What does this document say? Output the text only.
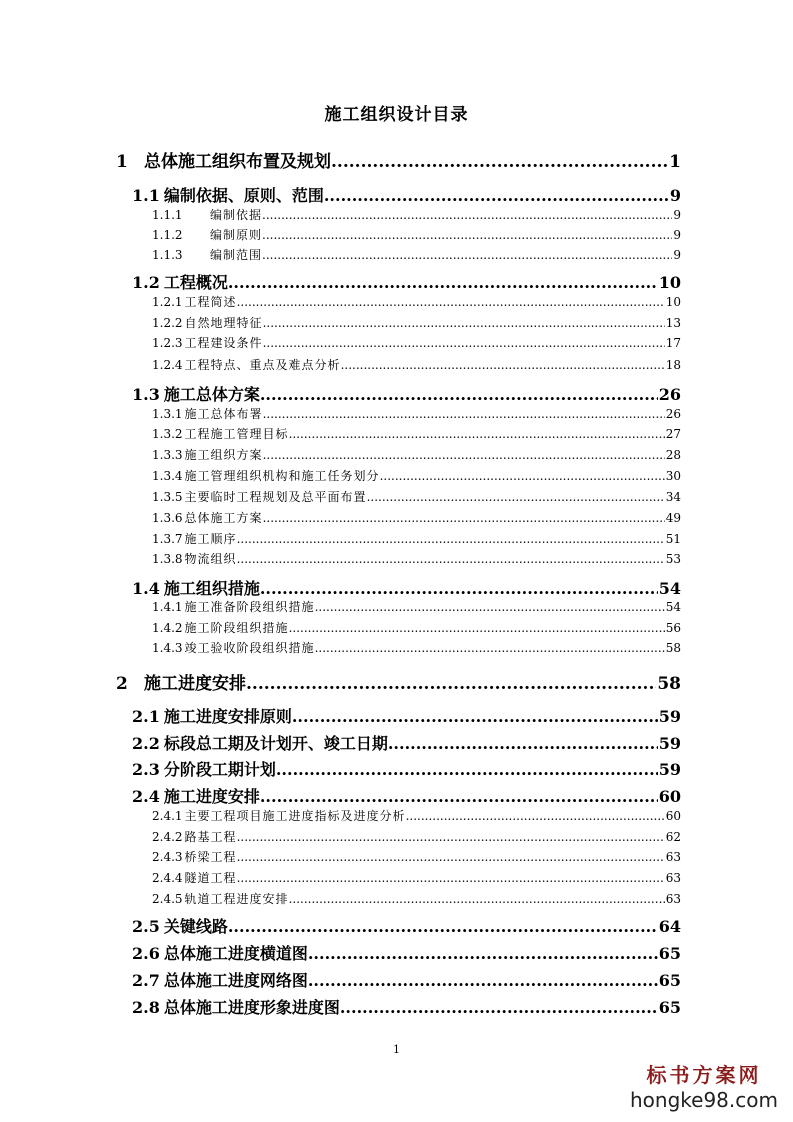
施工组织设计目录
1 总体施工组织布置及规划 .....	1
1.1 编制依据、原则、范围 .....	9
1.1.1	编制依据 .....	9
1.1.2	编制原则 .....	9
1.1.3	编制范围 .....	9
1.2 工程概况 .....	10
1.2.1 工程简述 .....	10
1.2.2 自然地理特征 .....	13
1.2.3 工程建设条件 .....	17
1.2.4 工程特点、重点及难点分析 .....	18
1.3 施工总体方案 .....	26
1.3.1 施工总体布署 .....	26
1.3.2 工程施工管理目标 .....	27
1.3.3 施工组织方案 .....	28
1.3.4 施工管理组织机构和施工任务划分 .....	30
1.3.5 主要临时工程规划及总平面布置 .....	34
1.3.6 总体施工方案 .....	49
1.3.7 施工顺序 .....	51
1.3.8 物流组织 .....	53
1.4 施工组织措施 .....	54
1.4.1 施工准备阶段组织措施 .....	54
1.4.2 施工阶段组织措施 .....	56
1.4.3 竣工验收阶段组织措施 .....	58
2 施工进度安排 .....	58
2.1 施工进度安排原则 .....	59
2.2 标段总工期及计划开、竣工日期 .....	59
2.3 分阶段工期计划 .....	59
2.4 施工进度安排 .....	60
2.4.1 主要工程项目施工进度指标及进度分析 .....	60
2.4.2 路基工程 .....	62
2.4.3 桥梁工程 .....	63
2.4.4 隧道工程 .....	63
2.4.5 轨道工程进度安排 .....	63
2.5 关键线路 .....	64
2.6 总体施工进度横道图 .....	65
2.7 总体施工进度网络图 .....	65
2.8 总体施工进度形象进度图 .....	65
1
标书方案网
hongke98.com
